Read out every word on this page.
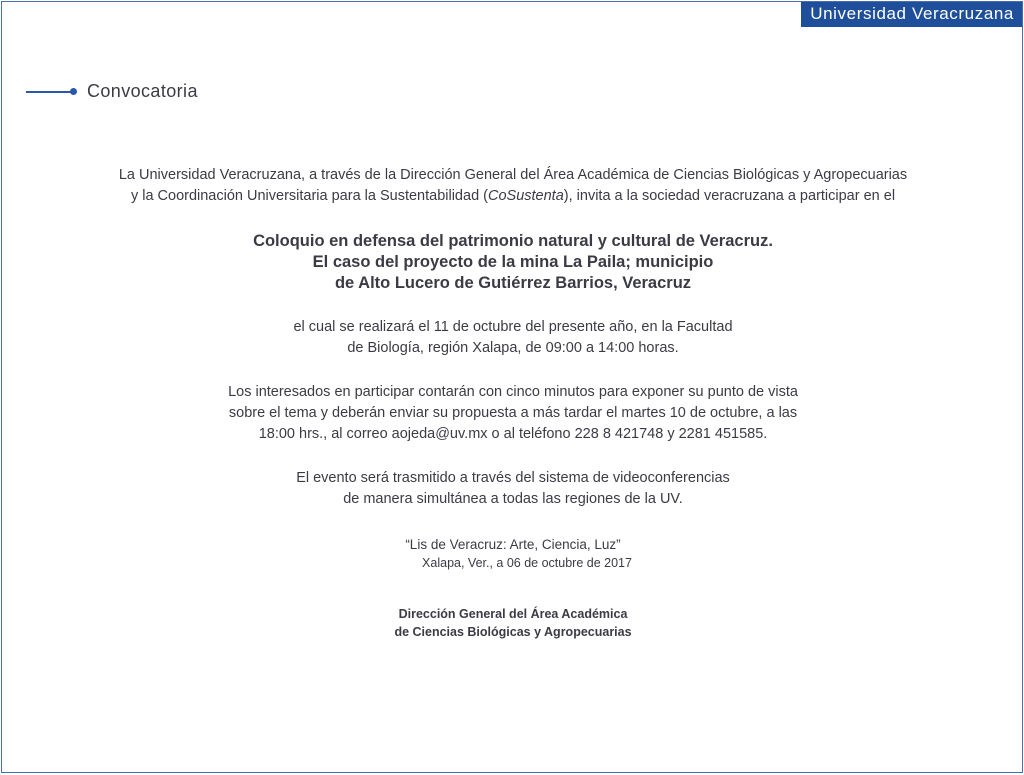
Universidad Veracruzana
Convocatoria

La Universidad Veracruzana, a través de la Dirección General del Área Académica de Ciencias Biológicas y Agropecuarias
y la Coordinación Universitaria para la Sustentabilidad (CoSustenta), invita a la sociedad veracruzana a participar en el

Coloquio en defensa del patrimonio natural y cultural de Veracruz.
El caso del proyecto de la mina La Paila; municipio
de Alto Lucero de Gutiérrez Barrios, Veracruz

el cual se realizará el 11 de octubre del presente año, en la Facultad
de Biología, región Xalapa, de 09:00 a 14:00 horas.

Los interesados en participar contarán con cinco minutos para exponer su punto de vista
sobre el tema y deberán enviar su propuesta a más tardar el martes 10 de octubre, a las
18:00 hrs., al correo aojeda@uv.mx o al teléfono 228 8 421748 y 2281 451585.

El evento será trasmitido a través del sistema de videoconferencias
de manera simultánea a todas las regiones de la UV.

“Lis de Veracruz: Arte, Ciencia, Luz”
Xalapa, Ver., a 06 de octubre de 2017

Dirección General del Área Académica
de Ciencias Biológicas y Agropecuarias
